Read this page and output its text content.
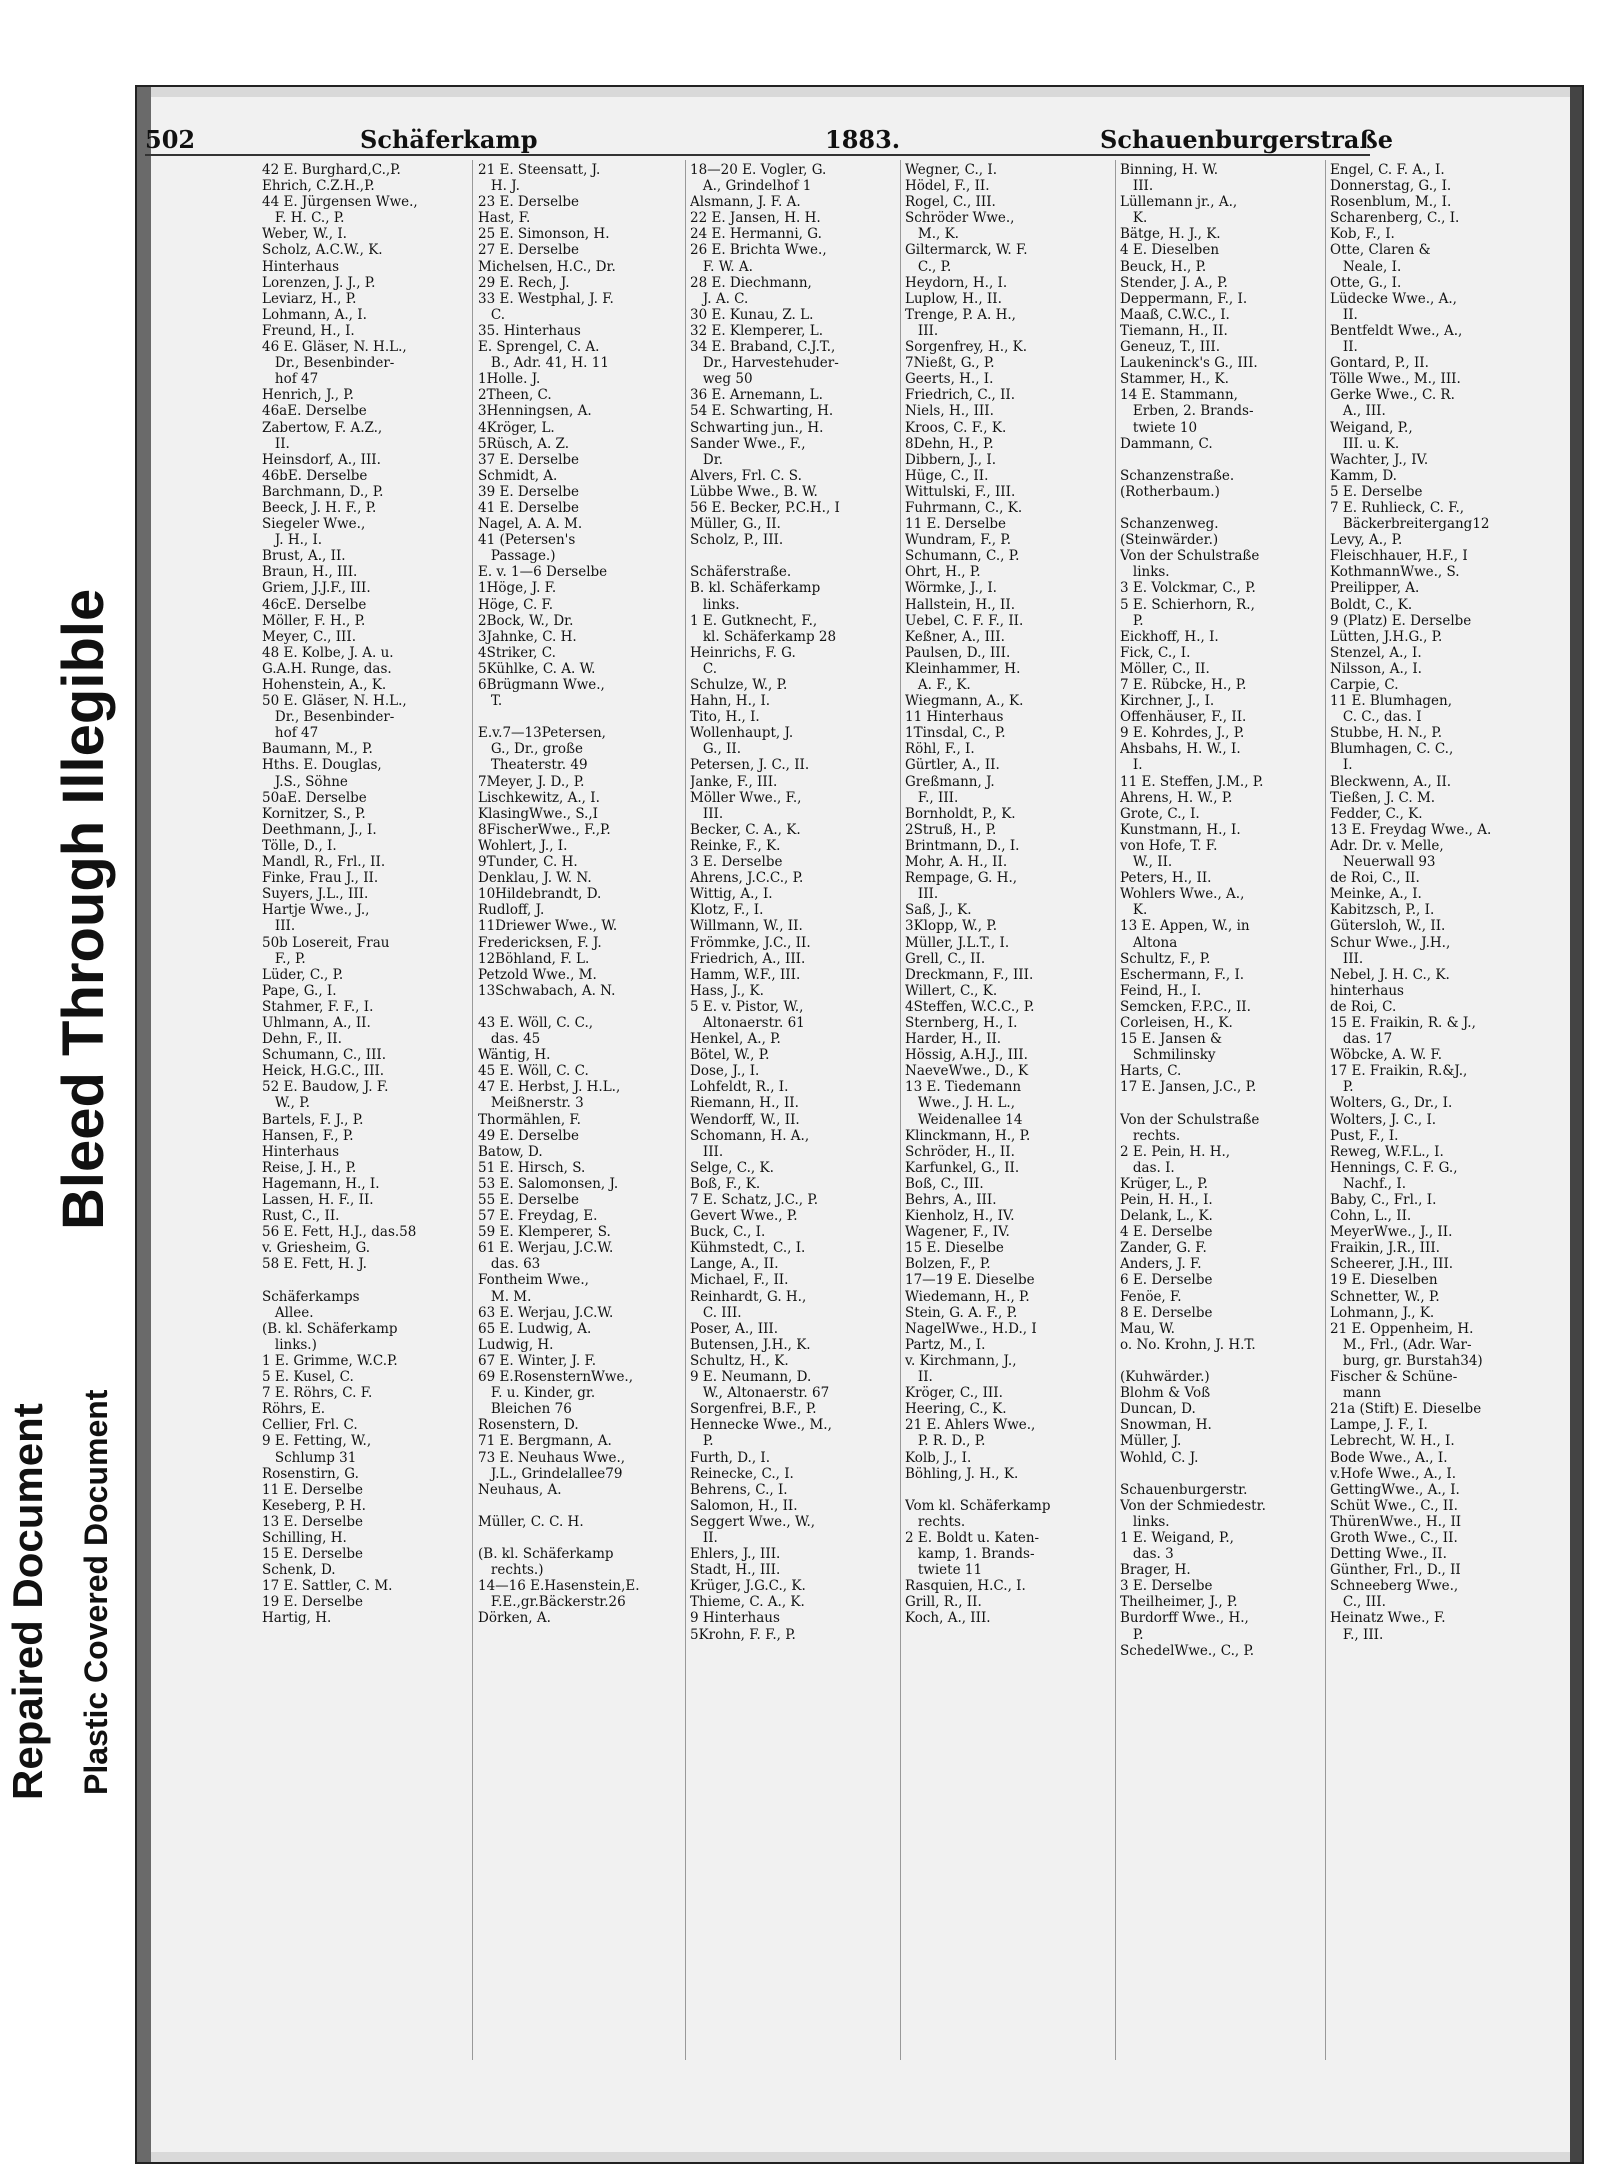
Repaired Document Plastic Covered Document
Bleed Through Illegible
502	Schäferkamp	1883.	Schauenburgerstraße
42 E. Burghard,C.,P.
Ehrich, C.Z.H.,P.
44 E. Jürgensen Wwe.,
F. H. C., P.
Weber, W., I.
Scholz, A.C.W., K.
Hinterhaus
Lorenzen, J. J., P.
Leviarz, H., P.
Lohmann, A., I.
Freund, H., I.
46 E. Gläser, N. H.L.,
Dr., Besenbinder-
hof 47
Henrich, J., P.
46aE. Derselbe
Zabertow, F. A.Z.,
II.
Heinsdorf, A., III.
46bE. Derselbe
Barchmann, D., P.
Beeck, J. H. F., P.
Siegeler Wwe.,
J. H., I.
Brust, A., II.
Braun, H., III.
Griem, J.J.F., III.
46cE. Derselbe
Möller, F. H., P.
Meyer, C., III.
48 E. Kolbe, J. A. u.
G.A.H. Runge, das.
Hohenstein, A., K.
50 E. Gläser, N. H.L.,
Dr., Besenbinder-
hof 47
Baumann, M., P.
Hths. E. Douglas,
J.S., Söhne
50aE. Derselbe
Kornitzer, S., P.
Deethmann, J., I.
Tölle, D., I.
Mandl, R., Frl., II.
Finke, Frau J., II.
Suyers, J.L., III.
Hartje Wwe., J.,
III.
50b Losereit, Frau
F., P.
Lüder, C., P.
Pape, G., I.
Stahmer, F. F., I.
Uhlmann, A., II.
Dehn, F., II.
Schumann, C., III.
Heick, H.G.C., III.
52 E. Baudow, J. F.
W., P.
Bartels, F. J., P.
Hansen, F., P.
Hinterhaus
Reise, J. H., P.
Hagemann, H., I.
Lassen, H. F., II.
Rust, C., II.
56 E. Fett, H.J., das.58
v. Griesheim, G.
58 E. Fett, H. J.

Schäferkamps
Allee.
(B. kl. Schäferkamp
links.)
1 E. Grimme, W.C.P.
5 E. Kusel, C.
7 E. Röhrs, C. F.
Röhrs, E.
Cellier, Frl. C.
9 E. Fetting, W.,
Schlump 31
Rosenstirn, G.
11 E. Derselbe
Keseberg, P. H.
13 E. Derselbe
Schilling, H.
15 E. Derselbe
Schenk, D.
17 E. Sattler, C. M.
19 E. Derselbe
Hartig, H.
21 E. Steensatt, J.
H. J.
23 E. Derselbe
Hast, F.
25 E. Simonson, H.
27 E. Derselbe
Michelsen, H.C., Dr.
29 E. Rech, J.
33 E. Westphal, J. F.
C.
35. Hinterhaus
E. Sprengel, C. A.
B., Adr. 41, H. 11
1Holle. J.
2Theen, C.
3Henningsen, A.
4Kröger, L.
5Rüsch, A. Z.
37 E. Derselbe
Schmidt, A.
39 E. Derselbe
41 E. Derselbe
Nagel, A. A. M.
41 (Petersen's
Passage.)
E. v. 1—6 Derselbe
1Höge, J. F.
Höge, C. F.
2Bock, W., Dr.
3Jahnke, C. H.
4Striker, C.
5Kühlke, C. A. W.
6Brügmann Wwe.,
T.

E.v.7—13Petersen,
G., Dr., große
Theaterstr. 49
7Meyer, J. D., P.
Lischkewitz, A., I.
KlasingWwe., S.,I
8FischerWwe., F.,P.
Wohlert, J., I.
9Tunder, C. H.
Denklau, J. W. N.
10Hildebrandt, D.
Rudloff, J.
11Driewer Wwe., W.
Fredericksen, F. J.
12Böhland, F. L.
Petzold Wwe., M.
13Schwabach, A. N.

43 E. Wöll, C. C.,
das. 45
Wäntig, H.
45 E. Wöll, C. C.
47 E. Herbst, J. H.L.,
Meißnerstr. 3
Thormählen, F.
49 E. Derselbe
Batow, D.
51 E. Hirsch, S.
53 E. Salomonsen, J.
55 E. Derselbe
57 E. Freydag, E.
59 E. Klemperer, S.
61 E. Werjau, J.C.W.
das. 63
Fontheim Wwe.,
M. M.
63 E. Werjau, J.C.W.
65 E. Ludwig, A.
Ludwig, H.
67 E. Winter, J. F.
69 E.RosensternWwe.,
F. u. Kinder, gr.
Bleichen 76
Rosenstern, D.
71 E. Bergmann, A.
73 E. Neuhaus Wwe.,
J.L., Grindelallee79
Neuhaus, A.

Müller, C. C. H.

(B. kl. Schäferkamp
rechts.)
14—16 E.Hasenstein,E.
F.E.,gr.Bäckerstr.26
Dörken, A.
18—20 E. Vogler, G.
A., Grindelhof 1
Alsmann, J. F. A.
22 E. Jansen, H. H.
24 E. Hermanni, G.
26 E. Brichta Wwe.,
F. W. A.
28 E. Diechmann,
J. A. C.
30 E. Kunau, Z. L.
32 E. Klemperer, L.
34 E. Braband, C.J.T.,
Dr., Harvestehuder-
weg 50
36 E. Arnemann, L.
54 E. Schwarting, H.
Schwarting jun., H.
Sander Wwe., F.,
Dr.
Alvers, Frl. C. S.
Lübbe Wwe., B. W.
56 E. Becker, P.C.H., I
Müller, G., II.
Scholz, P., III.

Schäferstraße.
B. kl. Schäferkamp
links.
1 E. Gutknecht, F.,
kl. Schäferkamp 28
Heinrichs, F. G.
C.
Schulze, W., P.
Hahn, H., I.
Tito, H., I.
Wollenhaupt, J.
G., II.
Petersen, J. C., II.
Janke, F., III.
Möller Wwe., F.,
III.
Becker, C. A., K.
Reinke, F., K.
3 E. Derselbe
Ahrens, J.C.C., P.
Wittig, A., I.
Klotz, F., I.
Willmann, W., II.
Frömmke, J.C., II.
Friedrich, A., III.
Hamm, W.F., III.
Hass, J., K.
5 E. v. Pistor, W.,
Altonaerstr. 61
Henkel, A., P.
Bötel, W., P.
Dose, J., I.
Lohfeldt, R., I.
Riemann, H., II.
Wendorff, W., II.
Schomann, H. A.,
III.
Selge, C., K.
Boß, F., K.
7 E. Schatz, J.C., P.
Gevert Wwe., P.
Buck, C., I.
Kühmstedt, C., I.
Lange, A., II.
Michael, F., II.
Reinhardt, G. H.,
C. III.
Poser, A., III.
Butensen, J.H., K.
Schultz, H., K.
9 E. Neumann, D.
W., Altonaerstr. 67
Sorgenfrei, B.F., P.
Hennecke Wwe., M.,
P.
Furth, D., I.
Reinecke, C., I.
Behrens, C., I.
Salomon, H., II.
Seggert Wwe., W.,
II.
Ehlers, J., III.
Stadt, H., III.
Krüger, J.G.C., K.
Thieme, C. A., K.
9 Hinterhaus
5Krohn, F. F., P.
Wegner, C., I.
Hödel, F., II.
Rogel, C., III.
Schröder Wwe.,
M., K.
Giltermarck, W. F.
C., P.
Heydorn, H., I.
Luplow, H., II.
Trenge, P. A. H.,
III.
Sorgenfrey, H., K.
7Nießt, G., P.
Geerts, H., I.
Friedrich, C., II.
Niels, H., III.
Kroos, C. F., K.
8Dehn, H., P.
Dibbern, J., I.
Hüge, C., II.
Wittulski, F., III.
Fuhrmann, C., K.
11 E. Derselbe
Wundram, F., P.
Schumann, C., P.
Ohrt, H., P.
Wörmke, J., I.
Hallstein, H., II.
Uebel, C. F. F., II.
Keßner, A., III.
Paulsen, D., III.
Kleinhammer, H.
A. F., K.
Wiegmann, A., K.
11 Hinterhaus
1Tinsdal, C., P.
Röhl, F., I.
Gürtler, A., II.
Greßmann, J.
F., III.
Bornholdt, P., K.
2Struß, H., P.
Brintmann, D., I.
Mohr, A. H., II.
Rempage, G. H.,
III.
Saß, J., K.
3Klopp, W., P.
Müller, J.L.T., I.
Grell, C., II.
Dreckmann, F., III.
Willert, C., K.
4Steffen, W.C.C., P.
Sternberg, H., I.
Harder, H., II.
Hössig, A.H.J., III.
NaeveWwe., D., K
13 E. Tiedemann
Wwe., J. H. L.,
Weidenallee 14
Klinckmann, H., P.
Schröder, H., II.
Karfunkel, G., II.
Boß, C., III.
Behrs, A., III.
Kienholz, H., IV.
Wagener, F., IV.
15 E. Dieselbe
Bolzen, F., P.
17—19 E. Dieselbe
Wiedemann, H., P.
Stein, G. A. F., P.
NagelWwe., H.D., I
Partz, M., I.
v. Kirchmann, J.,
II.
Kröger, C., III.
Heering, C., K.
21 E. Ahlers Wwe.,
P. R. D., P.
Kolb, J., I.
Böhling, J. H., K.

Vom kl. Schäferkamp
rechts.
2 E. Boldt u. Katen-
kamp, 1. Brands-
twiete 11
Rasquien, H.C., I.
Grill, R., II.
Koch, A., III.
Binning, H. W.
III.
Lüllemann jr., A.,
K.
Bätge, H. J., K.
4 E. Dieselben
Beuck, H., P.
Stender, J. A., P.
Deppermann, F., I.
Maaß, C.W.C., I.
Tiemann, H., II.
Geneuz, T., III.
Laukeninck's G., III.
Stammer, H., K.
14 E. Stammann,
Erben, 2. Brands-
twiete 10
Dammann, C.

Schanzenstraße.
(Rotherbaum.)

Schanzenweg.
(Steinwärder.)
Von der Schulstraße
links.
3 E. Volckmar, C., P.
5 E. Schierhorn, R.,
P.
Eickhoff, H., I.
Fick, C., I.
Möller, C., II.
7 E. Rübcke, H., P.
Kirchner, J., I.
Offenhäuser, F., II.
9 E. Kohrdes, J., P.
Ahsbahs, H. W., I.
I.
11 E. Steffen, J.M., P.
Ahrens, H. W., P.
Grote, C., I.
Kunstmann, H., I.
von Hofe, T. F.
W., II.
Peters, H., II.
Wohlers Wwe., A.,
K.
13 E. Appen, W., in
Altona
Schultz, F., P.
Eschermann, F., I.
Feind, H., I.
Semcken, F.P.C., II.
Corleisen, H., K.
15 E. Jansen &
Schmilinsky
Harts, C.
17 E. Jansen, J.C., P.

Von der Schulstraße
rechts.
2 E. Pein, H. H.,
das. I.
Krüger, L., P.
Pein, H. H., I.
Delank, L., K.
4 E. Derselbe
Zander, G. F.
Anders, J. F.
6 E. Derselbe
Fenöe, F.
8 E. Derselbe
Mau, W.
o. No. Krohn, J. H.T.

(Kuhwärder.)
Blohm & Voß
Duncan, D.
Snowman, H.
Müller, J.
Wohld, C. J.

Schauenburgerstr.
Von der Schmiedestr.
links.
1 E. Weigand, P.,
das. 3
Brager, H.
3 E. Derselbe
Theilheimer, J., P.
Burdorff Wwe., H.,
P.
SchedelWwe., C., P.
Engel, C. F. A., I.
Donnerstag, G., I.
Rosenblum, M., I.
Scharenberg, C., I.
Kob, F., I.
Otte, Claren &
Neale, I.
Otte, G., I.
Lüdecke Wwe., A.,
II.
Bentfeldt Wwe., A.,
II.
Gontard, P., II.
Tölle Wwe., M., III.
Gerke Wwe., C. R.
A., III.
Weigand, P.,
III. u. K.
Wachter, J., IV.
Kamm, D.
5 E. Derselbe
7 E. Ruhlieck, C. F.,
Bäckerbreitergang12
Levy, A., P.
Fleischhauer, H.F., I
KothmannWwe., S.
Preilipper, A.
Boldt, C., K.
9 (Platz) E. Derselbe
Lütten, J.H.G., P.
Stenzel, A., I.
Nilsson, A., I.
Carpie, C.
11 E. Blumhagen,
C. C., das. I
Stubbe, H. N., P.
Blumhagen, C. C.,
I.
Bleckwenn, A., II.
Tießen, J. C. M.
Fedder, C., K.
13 E. Freydag Wwe., A.
Adr. Dr. v. Melle,
Neuerwall 93
de Roi, C., II.
Meinke, A., I.
Kabitzsch, P., I.
Gütersloh, W., II.
Schur Wwe., J.H.,
III.
Nebel, J. H. C., K.
hinterhaus
de Roi, C.
15 E. Fraikin, R. & J.,
das. 17
Wöbcke, A. W. F.
17 E. Fraikin, R.&J.,
P.
Wolters, G., Dr., I.
Wolters, J. C., I.
Pust, F., I.
Reweg, W.F.L., I.
Hennings, C. F. G.,
Nachf., I.
Baby, C., Frl., I.
Cohn, L., II.
MeyerWwe., J., II.
Fraikin, J.R., III.
Scheerer, J.H., III.
19 E. Dieselben
Schnetter, W., P.
Lohmann, J., K.
21 E. Oppenheim, H.
M., Frl., (Adr. War-
burg, gr. Burstah34)
Fischer & Schüne-
mann
21a (Stift) E. Dieselbe
Lampe, J. F., I.
Lebrecht, W. H., I.
Bode Wwe., A., I.
v.Hofe Wwe., A., I.
GettingWwe., A., I.
Schüt Wwe., C., II.
ThürenWwe., H., II
Groth Wwe., C., II.
Detting Wwe., II.
Günther, Frl., D., II
Schneeberg Wwe.,
C., III.
Heinatz Wwe., F.
F., III.
